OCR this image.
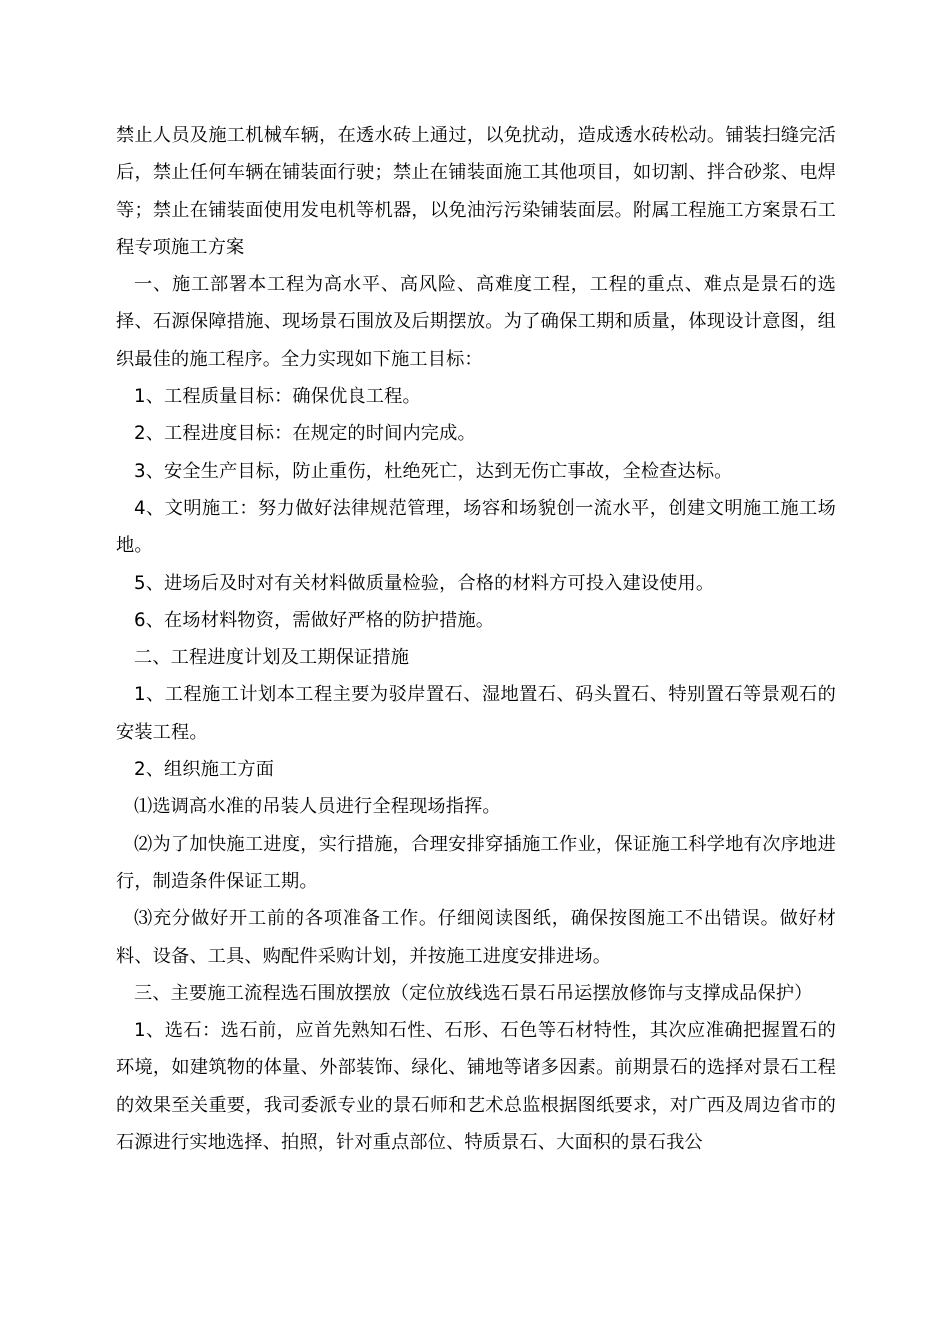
禁止人员及施工机械车辆，在透水砖上通过，以免扰动，造成透水砖松动。铺装扫缝完活后，禁止任何车辆在铺装面行驶；禁止在铺装面施工其他项目，如切割、拌合砂浆、电焊等；禁止在铺装面使用发电机等机器，以免油污污染铺装面层。附属工程施工方案景石工程专项施工方案

一、施工部署本工程为高水平、高风险、高难度工程，工程的重点、难点是景石的选择、石源保障措施、现场景石围放及后期摆放。为了确保工期和质量，体现设计意图，组织最佳的施工程序。全力实现如下施工目标：

1、工程质量目标：确保优良工程。

2、工程进度目标：在规定的时间内完成。

3、安全生产目标，防止重伤，杜绝死亡，达到无伤亡事故，全检查达标。

4、文明施工：努力做好法律规范管理，场容和场貌创一流水平，创建文明施工施工场地。

5、进场后及时对有关材料做质量检验，合格的材料方可投入建设使用。

6、在场材料物资，需做好严格的防护措施。

二、工程进度计划及工期保证措施

1、工程施工计划本工程主要为驳岸置石、湿地置石、码头置石、特别置石等景观石的安装工程。

2、组织施工方面

⑴选调高水准的吊装人员进行全程现场指挥。

⑵为了加快施工进度，实行措施，合理安排穿插施工作业，保证施工科学地有次序地进行，制造条件保证工期。

⑶充分做好开工前的各项准备工作。仔细阅读图纸，确保按图施工不出错误。做好材料、设备、工具、购配件采购计划，并按施工进度安排进场。

三、主要施工流程选石围放摆放（定位放线选石景石吊运摆放修饰与支撑成品保护）

1、选石：选石前，应首先熟知石性、石形、石色等石材特性，其次应准确把握置石的环境，如建筑物的体量、外部装饰、绿化、铺地等诸多因素。前期景石的选择对景石工程的效果至关重要，我司委派专业的景石师和艺术总监根据图纸要求，对广西及周边省市的石源进行实地选择、拍照，针对重点部位、特质景石、大面积的景石我公
